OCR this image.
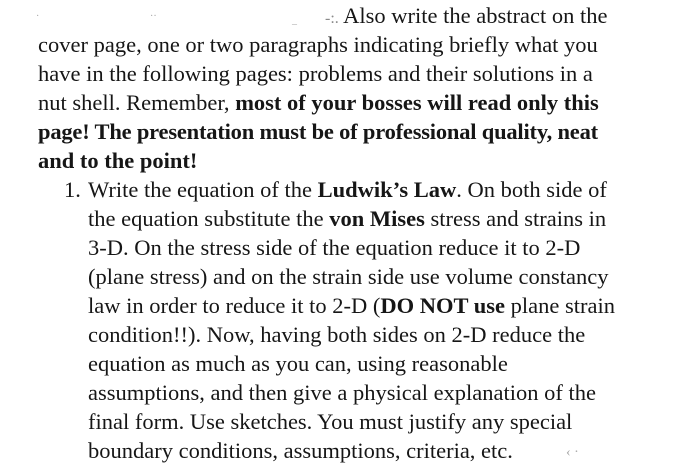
·	··	_ -:. Also write the abstract on the
cover page, one or two paragraphs indicating briefly what you
have in the following pages: problems and their solutions in a
nut shell. Remember, most of your bosses will read only this
page! The presentation must be of professional quality, neat
and to the point!
1. Write the equation of the Ludwik’s Law. On both side of
the equation substitute the von Mises stress and strains in
3-D. On the stress side of the equation reduce it to 2-D
(plane stress) and on the strain side use volume constancy
law in order to reduce it to 2-D (DO NOT use plane strain
condition!!). Now, having both sides on 2-D reduce the
equation as much as you can, using reasonable
assumptions, and then give a physical explanation of the
final form. Use sketches. You must justify any special
boundary conditions, assumptions, criteria, etc.	‹ ·
